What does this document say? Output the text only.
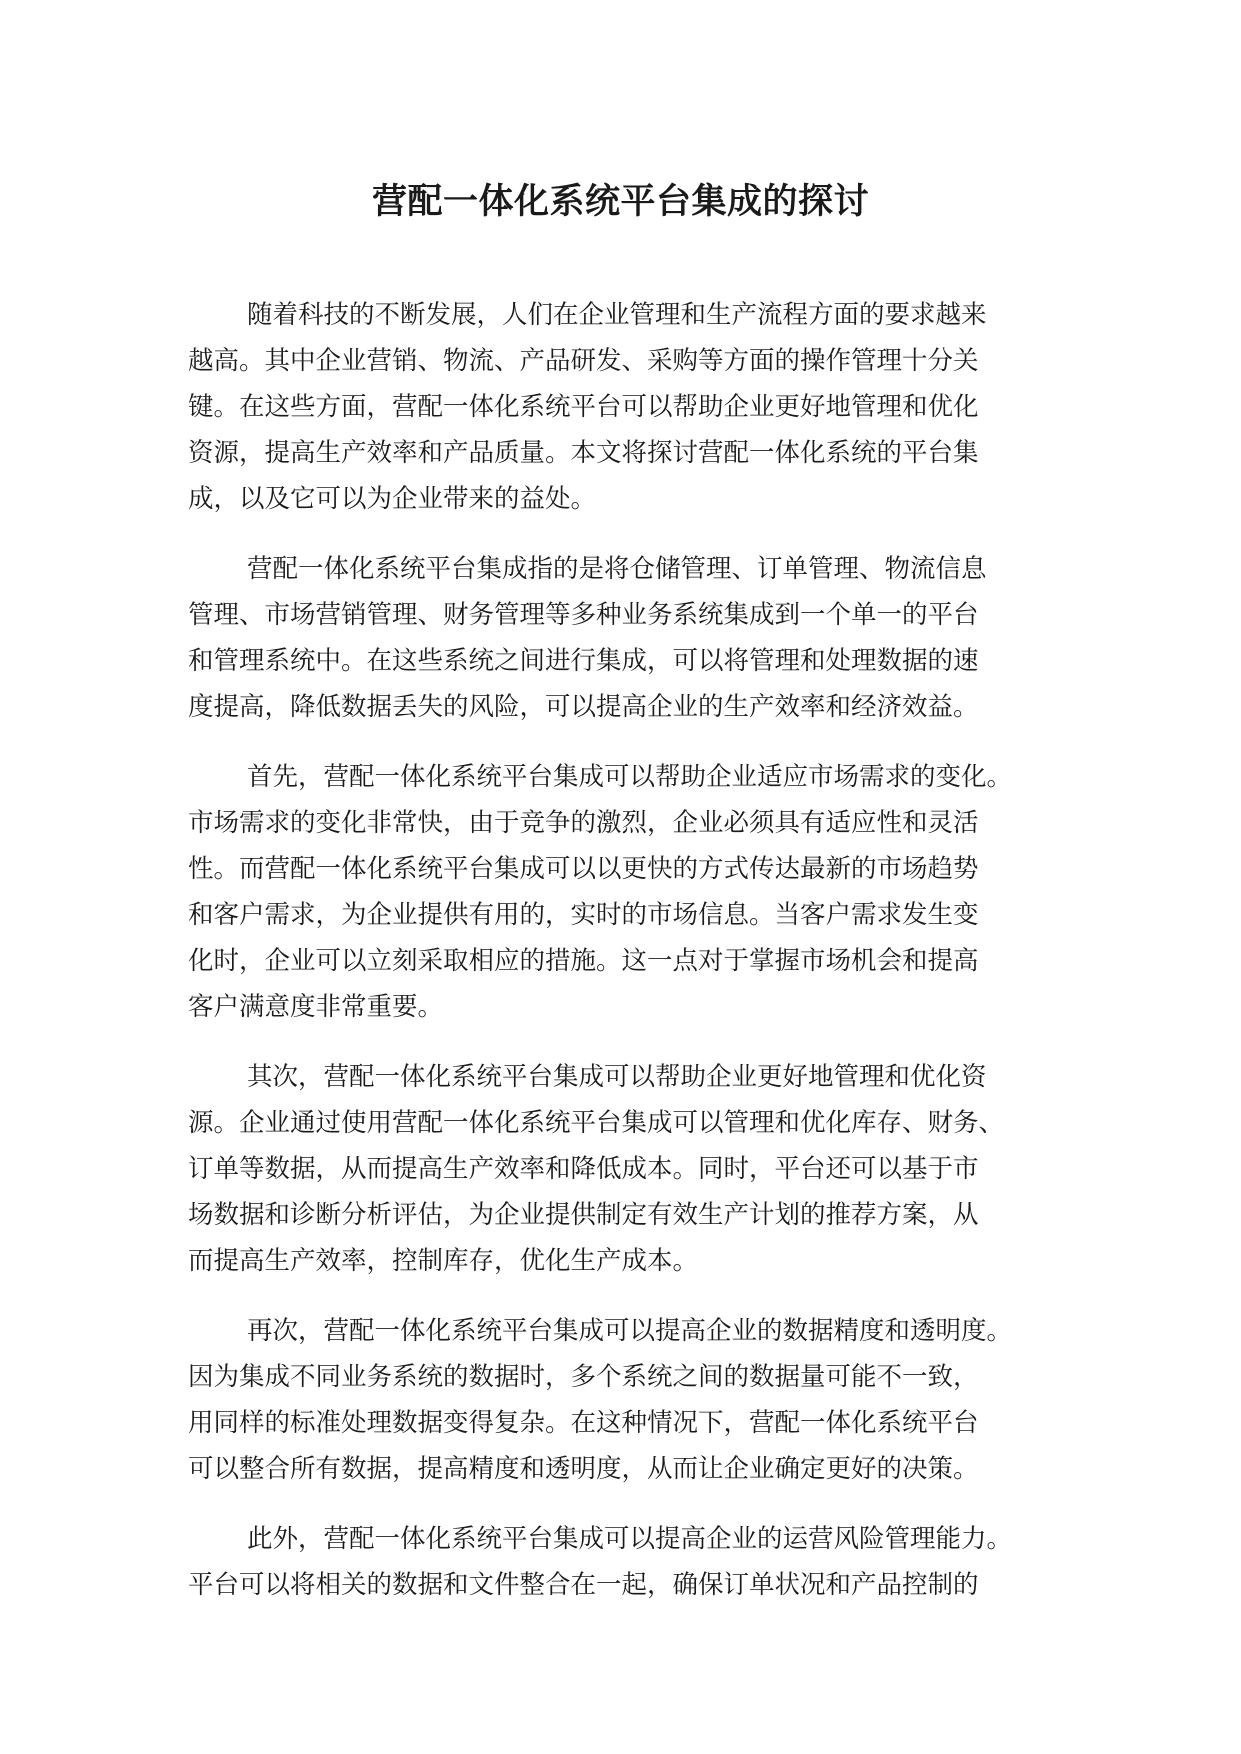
营配一体化系统平台集成的探讨

随着科技的不断发展，人们在企业管理和生产流程方面的要求越来
越高。其中企业营销、物流、产品研发、采购等方面的操作管理十分关
键。在这些方面，营配一体化系统平台可以帮助企业更好地管理和优化
资源，提高生产效率和产品质量。本文将探讨营配一体化系统的平台集
成，以及它可以为企业带来的益处。

营配一体化系统平台集成指的是将仓储管理、订单管理、物流信息
管理、市场营销管理、财务管理等多种业务系统集成到一个单一的平台
和管理系统中。在这些系统之间进行集成，可以将管理和处理数据的速
度提高，降低数据丢失的风险，可以提高企业的生产效率和经济效益。

首先，营配一体化系统平台集成可以帮助企业适应市场需求的变化。
市场需求的变化非常快，由于竞争的激烈，企业必须具有适应性和灵活
性。而营配一体化系统平台集成可以以更快的方式传达最新的市场趋势
和客户需求，为企业提供有用的，实时的市场信息。当客户需求发生变
化时，企业可以立刻采取相应的措施。这一点对于掌握市场机会和提高
客户满意度非常重要。

其次，营配一体化系统平台集成可以帮助企业更好地管理和优化资
源。企业通过使用营配一体化系统平台集成可以管理和优化库存、财务、
订单等数据，从而提高生产效率和降低成本。同时，平台还可以基于市
场数据和诊断分析评估，为企业提供制定有效生产计划的推荐方案，从
而提高生产效率，控制库存，优化生产成本。

再次，营配一体化系统平台集成可以提高企业的数据精度和透明度。
因为集成不同业务系统的数据时，多个系统之间的数据量可能不一致，
用同样的标准处理数据变得复杂。在这种情况下，营配一体化系统平台
可以整合所有数据，提高精度和透明度，从而让企业确定更好的决策。

此外，营配一体化系统平台集成可以提高企业的运营风险管理能力。
平台可以将相关的数据和文件整合在一起，确保订单状况和产品控制的
